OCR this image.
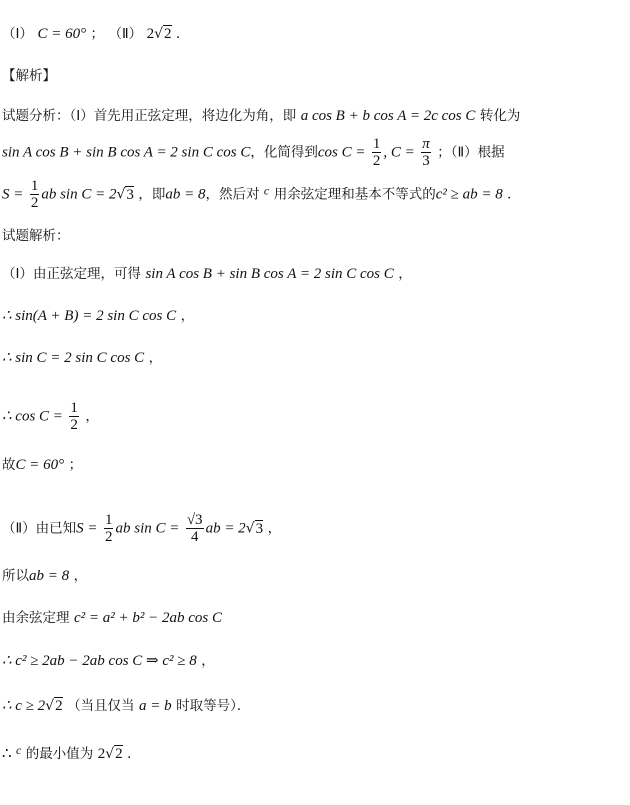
（Ⅰ） C = 60° ； （Ⅱ） 2√2 ．
【解析】
试题分析：（Ⅰ）首先用正弦定理，将边化为角，即 a cos B + b cos A = 2c cos C 转化为
sin A cos B + sin B cos A = 2 sin C cos C，化简得到$\cos C = \frac{1}{2}$ , $C = \frac{\pi}{3}$ ；（Ⅱ）根据
$S = \frac{1}{2}$ ab sin C = 2√3 ，即ab = 8，然后对 c 用余弦定理和基本不等式的c² ≥ ab = 8 ．
试题解析：
（Ⅰ）由正弦定理，可得 sin A cos B + sin B cos A = 2 sin C cos C ，
∴ sin(A + B) = 2 sin C cos C ，
∴ sin C = 2 sin C cos C ，
∴ $\cos C = \frac{1}{2}$ ，
故C = 60° ；
（Ⅱ）由已知$S = \frac{1}{2}$ ab $\sin C = \frac{√3}{4}$ ab = 2√3 ，
所以ab = 8 ，
由余弦定理 c² = a² + b² − 2ab cos C
∴ c² ≥ 2ab − 2ab cos C ⇒ c² ≥ 8 ，
∴ c ≥ 2√2 （当且仅当 a = b 时取等号）．
∴ c 的最小值为 2√2 ．
